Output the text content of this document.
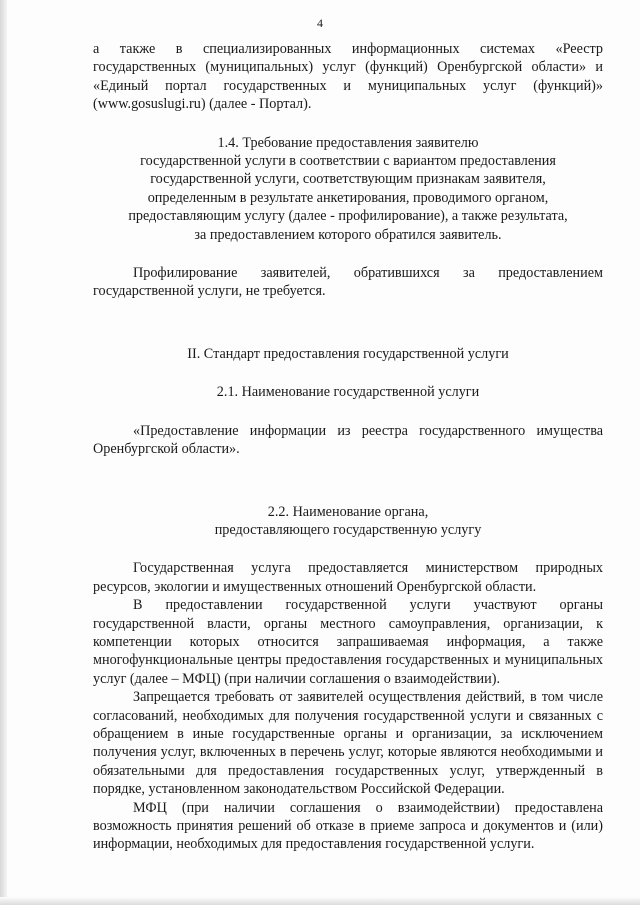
4

а также в специализированных информационных системах «Реестр государственных (муниципальных) услуг (функций) Оренбургской области» и «Единый портал государственных и муниципальных услуг (функций)» (www.gosuslugi.ru) (далее - Портал).

1.4. Требование предоставления заявителю
государственной услуги в соответствии с вариантом предоставления
государственной услуги, соответствующим признакам заявителя,
определенным в результате анкетирования, проводимого органом,
предоставляющим услугу (далее - профилирование), а также результата,
за предоставлением которого обратился заявитель.

Профилирование заявителей, обратившихся за предоставлением государственной услуги, не требуется.

II. Стандарт предоставления государственной услуги
2.1. Наименование государственной услуги

«Предоставление информации из реестра государственного имущества Оренбургской области».

2.2. Наименование органа,
предоставляющего государственную услугу

Государственная услуга предоставляется министерством природных ресурсов, экологии и имущественных отношений Оренбургской области.

В предоставлении государственной услуги участвуют органы государственной власти, органы местного самоуправления, организации, к компетенции которых относится запрашиваемая информация, а также многофункциональные центры предоставления государственных и муниципальных услуг (далее – МФЦ) (при наличии соглашения о взаимодействии).

Запрещается требовать от заявителей осуществления действий, в том числе согласований, необходимых для получения государственной услуги и связанных с обращением в иные государственные органы и организации, за исключением получения услуг, включенных в перечень услуг, которые являются необходимыми и обязательными для предоставления государственных услуг, утвержденный в порядке, установленном законодательством Российской Федерации.

МФЦ (при наличии соглашения о взаимодействии) предоставлена возможность принятия решений об отказе в приеме запроса и документов и (или) информации, необходимых для предоставления государственной услуги.
